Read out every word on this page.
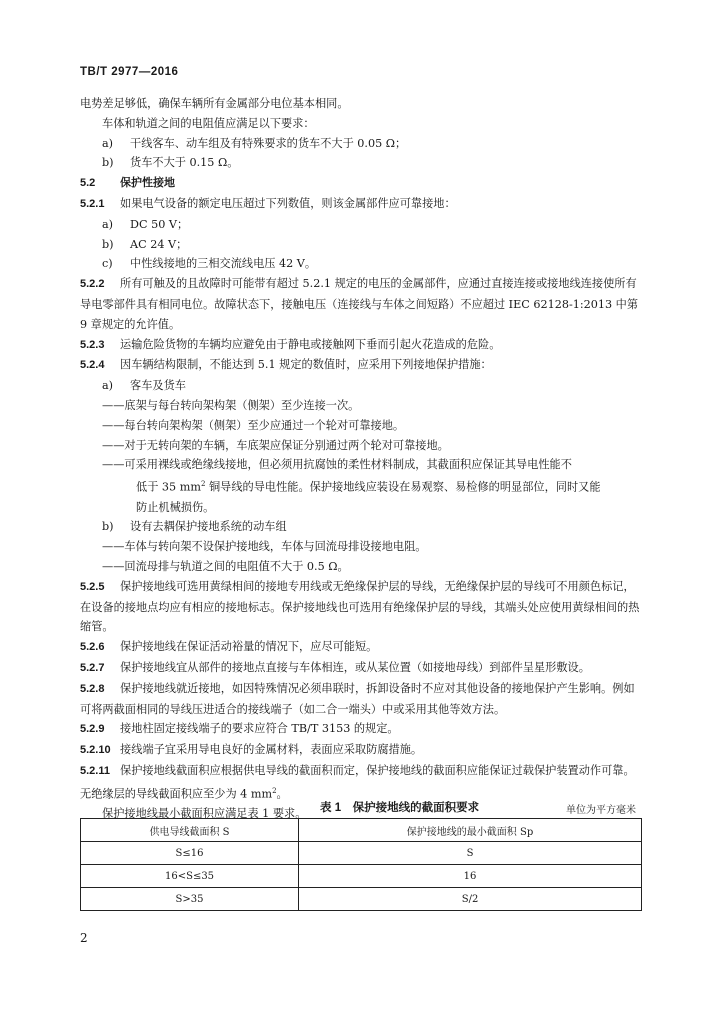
TB/T 2977—2016

电势差足够低，确保车辆所有金属部分电位基本相同。

车体和轨道之间的电阻值应满足以下要求：

a) 干线客车、动车组及有特殊要求的货车不大于 0.05 Ω；

b) 货车不大于 0.15 Ω。

5.2 保护性接地

5.2.1 如果电气设备的额定电压超过下列数值，则该金属部件应可靠接地：

a) DC 50 V；

b) AC 24 V；

c) 中性线接地的三相交流线电压 42 V。

5.2.2 所有可触及的且故障时可能带有超过 5.2.1 规定的电压的金属部件，应通过直接连接或接地线连接使所有导电零部件具有相同电位。故障状态下，接触电压（连接线与车体之间短路）不应超过 IEC 62128-1:2013 中第 9 章规定的允许值。

5.2.3 运输危险货物的车辆均应避免由于静电或接触网下垂而引起火花造成的危险。

5.2.4 因车辆结构限制，不能达到 5.1 规定的数值时，应采用下列接地保护措施：

a) 客车及货车

——底架与每台转向架构架（侧架）至少连接一次。

——每台转向架构架（侧架）至少应通过一个轮对可靠接地。

——对于无转向架的车辆，车底架应保证分别通过两个轮对可靠接地。

——可采用裸线或绝缘线接地，但必须用抗腐蚀的柔性材料制成，其截面积应保证其导电性能不

低于 35 $mm^2$ 铜导线的导电性能。保护接地线应装设在易观察、易检修的明显部位，同时又能

防止机械损伤。

b) 设有去耦保护接地系统的动车组

——车体与转向架不设保护接地线，车体与回流母排设接地电阻。

——回流母排与轨道之间的电阻值不大于 0.5 Ω。

5.2.5 保护接地线可选用黄绿相间的接地专用线或无绝缘保护层的导线，无绝缘保护层的导线可不用颜色标记，在设备的接地点均应有相应的接地标志。保护接地线也可选用有绝缘保护层的导线，其端头处应使用黄绿相间的热缩管。

5.2.6 保护接地线在保证活动裕量的情况下，应尽可能短。

5.2.7 保护接地线宜从部件的接地点直接与车体相连，或从某位置（如接地母线）到部件呈星形敷设。

5.2.8 保护接地线就近接地，如因特殊情况必须串联时，拆卸设备时不应对其他设备的接地保护产生影响。例如可将两截面相同的导线压进适合的接线端子（如二合一端头）中或采用其他等效方法。

5.2.9 接地柱固定接线端子的要求应符合 TB/T 3153 的规定。

5.2.10 接线端子宜采用导电良好的金属材料，表面应采取防腐措施。

5.2.11 保护接地线截面积应根据供电导线的截面积而定，保护接地线的截面积应能保证过载保护装置动作可靠。无绝缘层的导线截面积应至少为 4 $mm^2$。

保护接地线最小截面积应满足表 1 要求。	表 1　保护接地线的截面积要求	单位为平方毫米
供电导线截面积 S	保护接地线的最小截面积 Sp
S≤16	S
16<S≤35	16
S>35	S/2
2
